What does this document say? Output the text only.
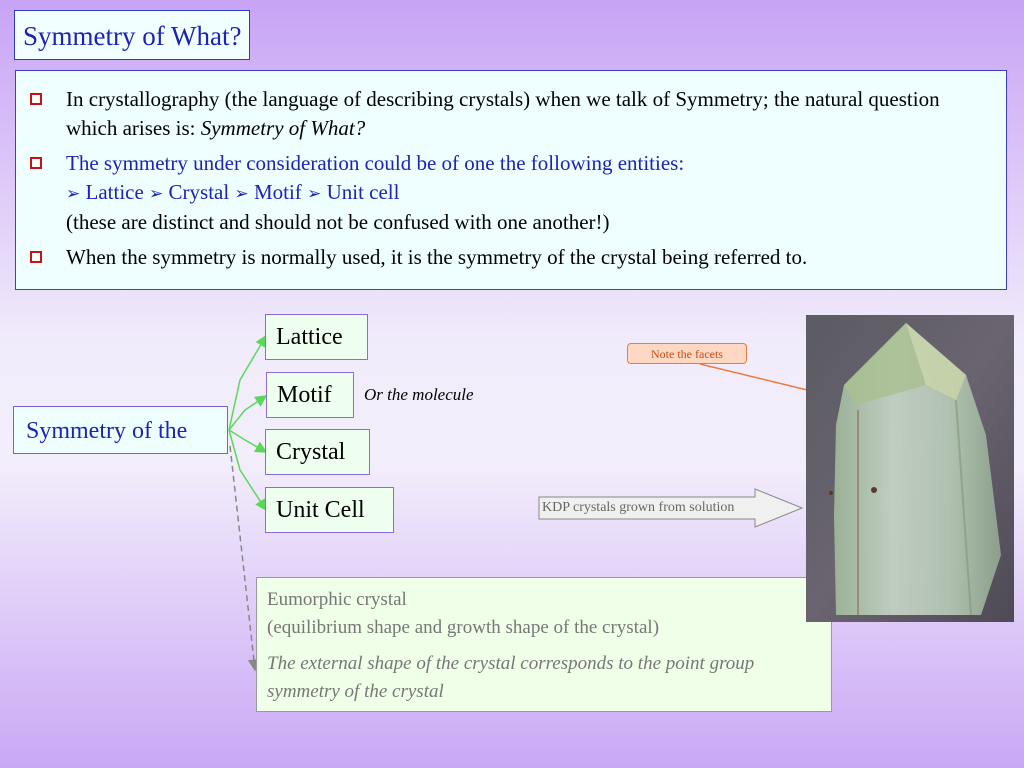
Symmetry of What?
In crystallography (the language of describing crystals) when we talk of Symmetry; the natural question which arises is: Symmetry of What?
The symmetry under consideration could be of one the following entities:
➢ Lattice ➢ Crystal ➢ Motif ➢ Unit cell
(these are distinct and should not be confused with one another!)
When the symmetry is normally used, it is the symmetry of the crystal being referred to.
Lattice
Motif
Crystal
Unit Cell
Symmetry of the
Or the molecule
Note the facets
KDP crystals grown from solution
Eumorphic crystal
(equilibrium shape and growth shape of the crystal)
The external shape of the crystal corresponds to the point group symmetry of the crystal
